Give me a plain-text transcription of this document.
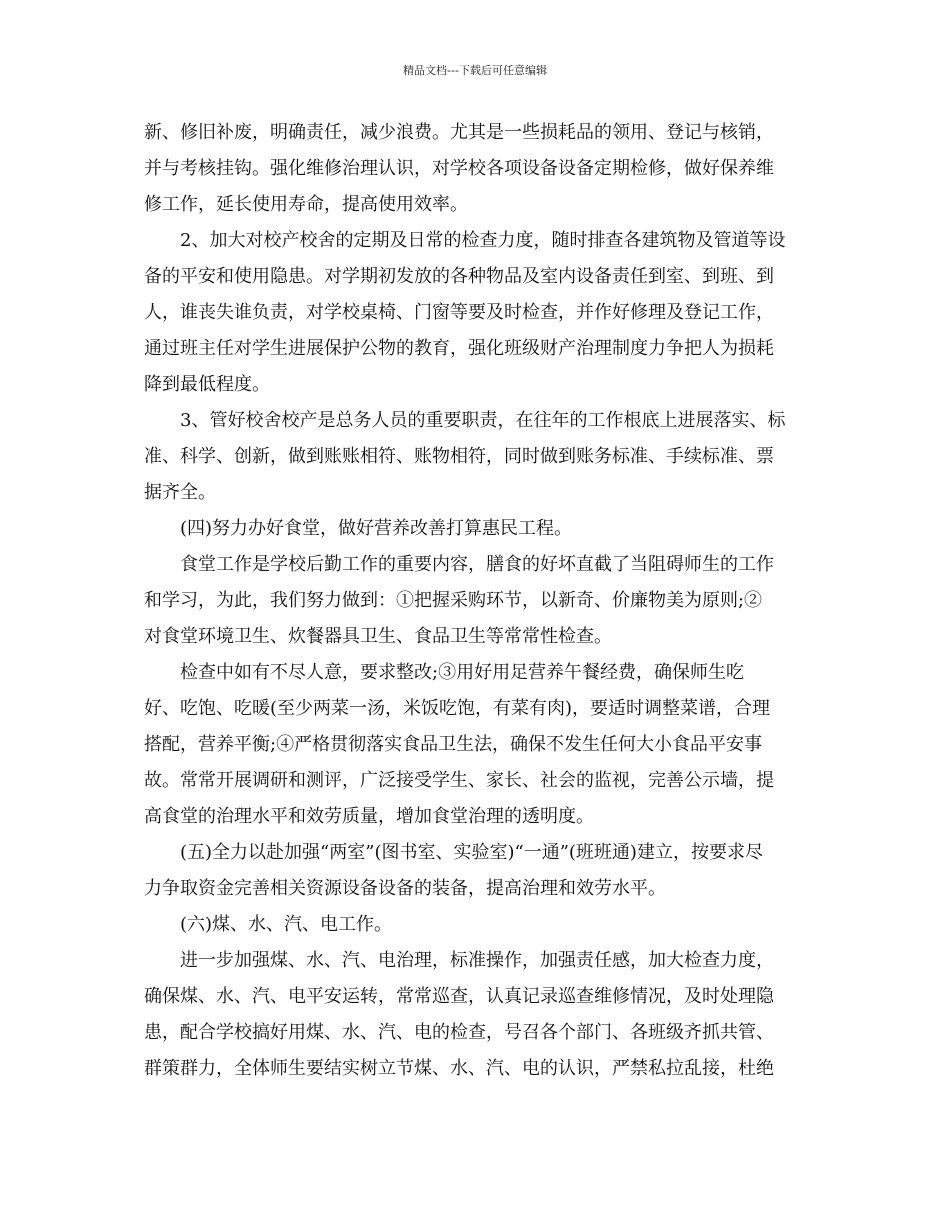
精品文档---下载后可任意编辑

新、修旧补废，明确责任，减少浪费。尤其是一些损耗品的领用、登记与核销，
并与考核挂钩。强化维修治理认识，对学校各项设备设备定期检修，做好保养维
修工作，延长使用寿命，提高使用效率。

2、加大对校产校舍的定期及日常的检查力度，随时排查各建筑物及管道等设
备的平安和使用隐患。对学期初发放的各种物品及室内设备责任到室、到班、到
人，谁丧失谁负责，对学校桌椅、门窗等要及时检查，并作好修理及登记工作，
通过班主任对学生进展保护公物的教育，强化班级财产治理制度力争把人为损耗
降到最低程度。

3、管好校舍校产是总务人员的重要职责，在往年的工作根底上进展落实、标
准、科学、创新，做到账账相符、账物相符，同时做到账务标准、手续标准、票
据齐全。

(四)努力办好食堂，做好营养改善打算惠民工程。

食堂工作是学校后勤工作的重要内容，膳食的好坏直截了当阻碍师生的工作
和学习，为此，我们努力做到：①把握采购环节，以新奇、价廉物美为原则;②
对食堂环境卫生、炊餐器具卫生、食品卫生等常常性检查。

检查中如有不尽人意，要求整改;③用好用足营养午餐经费，确保师生吃
好、吃饱、吃暖(至少两菜一汤，米饭吃饱，有菜有肉)，要适时调整菜谱，合理
搭配，营养平衡;④严格贯彻落实食品卫生法，确保不发生任何大小食品平安事
故。常常开展调研和测评，广泛接受学生、家长、社会的监视，完善公示墙，提
高食堂的治理水平和效劳质量，增加食堂治理的透明度。

(五)全力以赴加强“两室”(图书室、实验室)“一通”(班班通)建立，按要求尽
力争取资金完善相关资源设备设备的装备，提高治理和效劳水平。

(六)煤、水、汽、电工作。

进一步加强煤、水、汽、电治理，标准操作，加强责任感，加大检查力度，
确保煤、水、汽、电平安运转，常常巡查，认真记录巡查维修情况，及时处理隐
患，配合学校搞好用煤、水、汽、电的检查，号召各个部门、各班级齐抓共管、
群策群力，全体师生要结实树立节煤、水、汽、电的认识，严禁私拉乱接，杜绝
